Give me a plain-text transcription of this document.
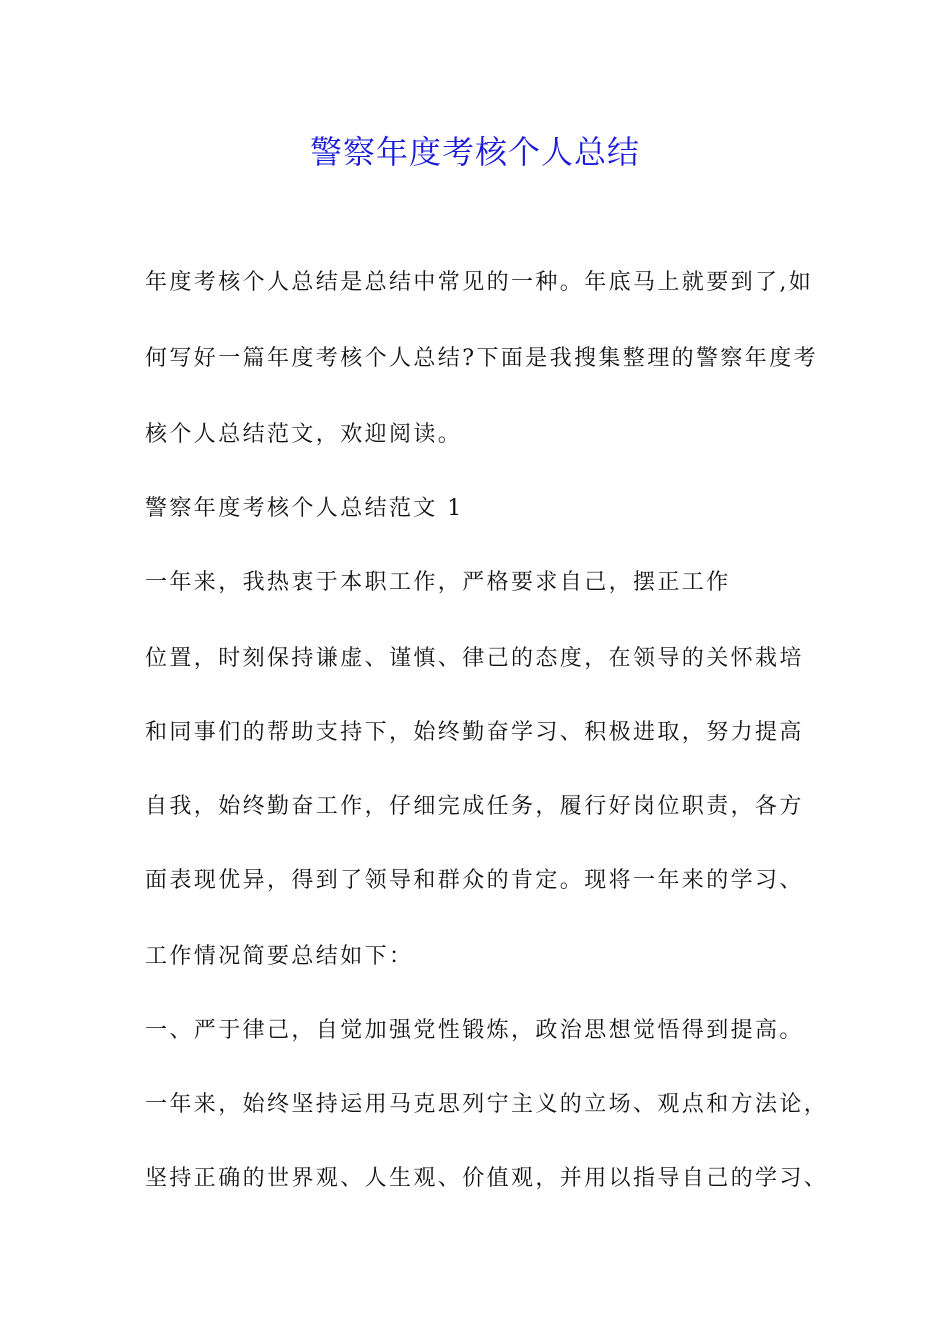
警察年度考核个人总结

年度考核个人总结是总结中常见的一种。年底马上就要到了,如

何写好一篇年度考核个人总结?下面是我搜集整理的警察年度考

核个人总结范文，欢迎阅读。

警察年度考核个人总结范文 1

一年来，我热衷于本职工作，严格要求自己，摆正工作

位置，时刻保持谦虚、谨慎、律己的态度，在领导的关怀栽培

和同事们的帮助支持下，始终勤奋学习、积极进取，努力提高

自我，始终勤奋工作，仔细完成任务，履行好岗位职责，各方

面表现优异，得到了领导和群众的肯定。现将一年来的学习、

工作情况简要总结如下：

一、严于律己，自觉加强党性锻炼，政治思想觉悟得到提高。

一年来，始终坚持运用马克思列宁主义的立场、观点和方法论，

坚持正确的世界观、人生观、价值观，并用以指导自己的学习、
